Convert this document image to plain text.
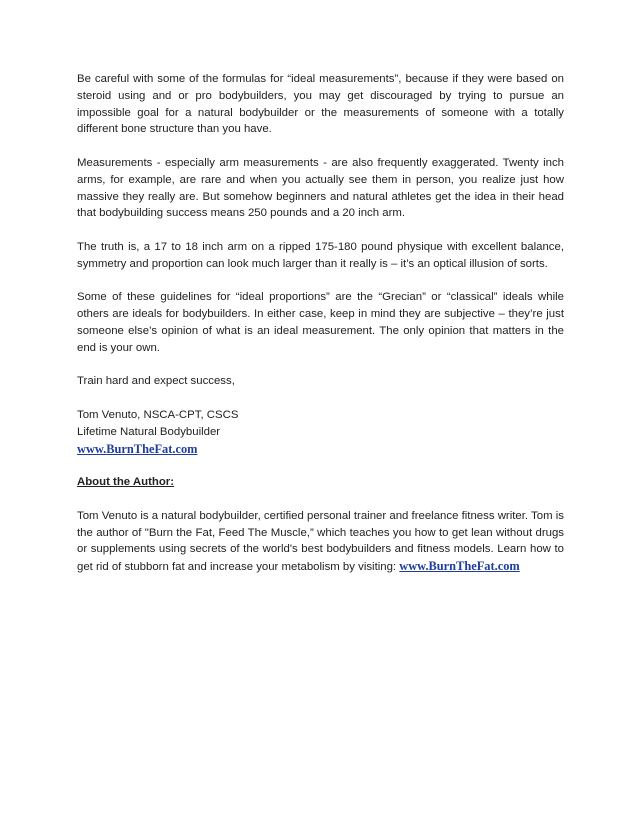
Be careful with some of the formulas for “ideal measurements”, because if they were based on steroid using and or pro bodybuilders, you may get discouraged by trying to pursue an impossible goal for a natural bodybuilder or the measurements of someone with a totally different bone structure than you have.

Measurements - especially arm measurements - are also frequently exaggerated. Twenty inch arms, for example, are rare and when you actually see them in person, you realize just how massive they really are. But somehow beginners and natural athletes get the idea in their head that bodybuilding success means 250 pounds and a 20 inch arm.

The truth is, a 17 to 18 inch arm on a ripped 175-180 pound physique with excellent balance, symmetry and proportion can look much larger than it really is – it’s an optical illusion of sorts.

Some of these guidelines for “ideal proportions” are the “Grecian” or “classical” ideals while others are ideals for bodybuilders. In either case, keep in mind they are subjective – they’re just someone else’s opinion of what is an ideal measurement. The only opinion that matters in the end is your own.

Train hard and expect success,

Tom Venuto, NSCA-CPT, CSCS
Lifetime Natural Bodybuilder
www.BurnTheFat.com

About the Author:

Tom Venuto is a natural bodybuilder, certified personal trainer and freelance fitness writer. Tom is the author of "Burn the Fat, Feed The Muscle,” which teaches you how to get lean without drugs or supplements using secrets of the world's best bodybuilders and fitness models. Learn how to get rid of stubborn fat and increase your metabolism by visiting: www.BurnTheFat.com
